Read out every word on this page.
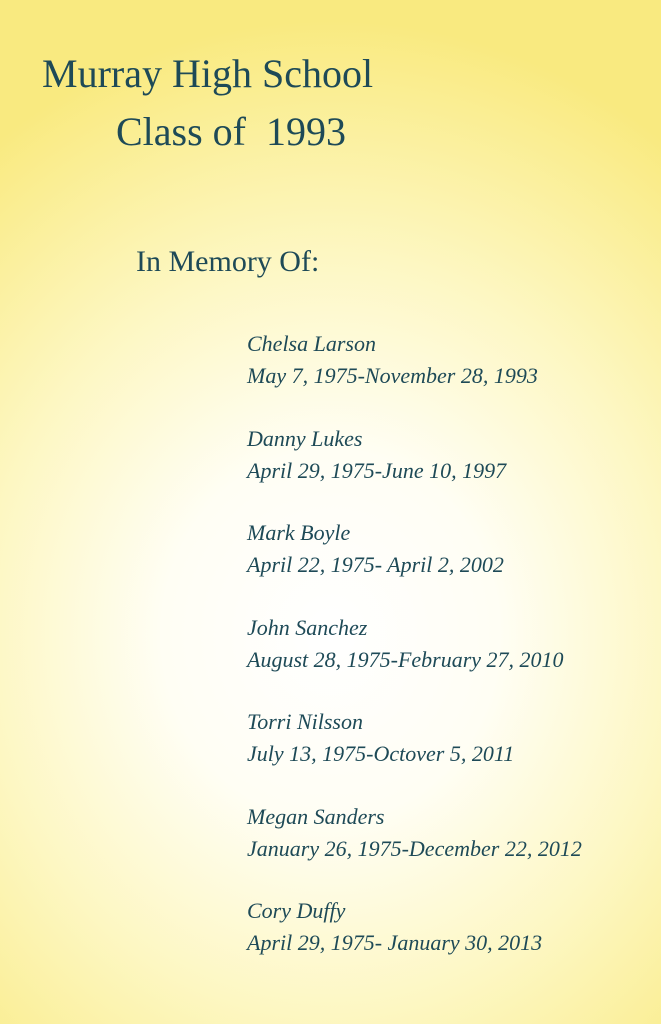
Murray High School
Class of  1993
In Memory Of:
Chelsa Larson
May 7, 1975-November 28, 1993
Danny Lukes
April 29, 1975-June 10, 1997
Mark Boyle
April 22, 1975- April 2, 2002
John Sanchez
August 28, 1975-February 27, 2010
Torri Nilsson
July 13, 1975-Octover 5, 2011
Megan Sanders
January 26, 1975-December 22, 2012
Cory Duffy
April 29, 1975- January 30, 2013
